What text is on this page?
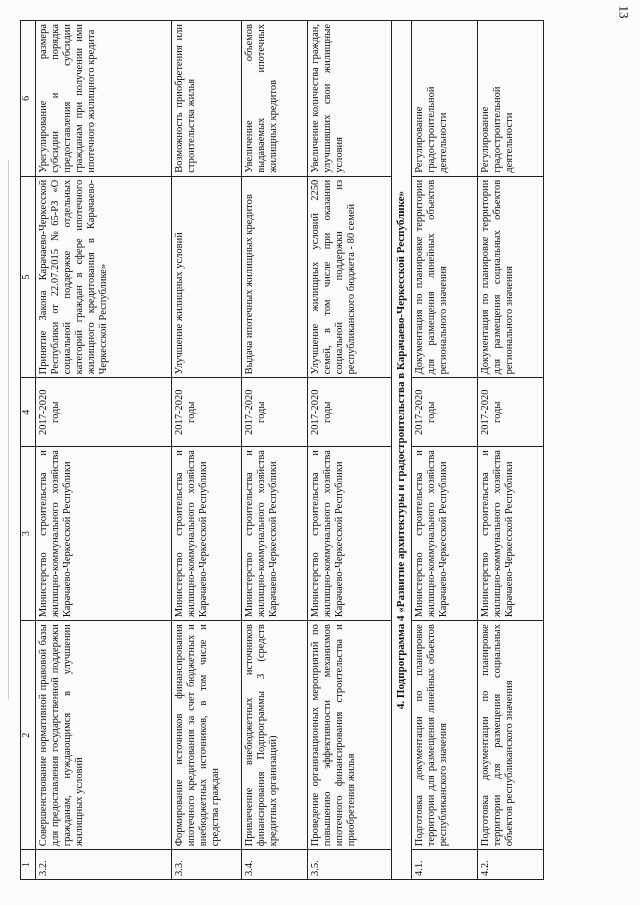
13
1	2	3	4	5	6
3.2.	Совершенствование нормативной правовой базы для предоставления государственной поддержки гражданам, нуждающимся в улучшении жилищных условий	Министерство строительства и жилищно-коммунального хозяйства Карачаево-Черкесской Республики	2017-2020 годы	Принятие Закона Карачаево-Черкесской Республики от 22.07.2015 №65-РЗ «О социальной поддержке отдельных категорий граждан в сфере ипотечного жилищного кредитования в Карачаево-Черкесской Республике»	Урегулирование размера субсидии и порядка предоставления субсидии гражданам при получении ими ипотечного жилищного кредита
3.3.	Формирование источников финансирования ипотечного кредитования за счет бюджетных и внебюджетных источников, в том числе и средства граждан	Министерство строительства и жилищно-коммунального хозяйства Карачаево-Черкесской Республики	2017-2020 годы	Улучшение жилищных условий	Возможность приобретения или строительства жилья
3.4.	Привлечение внебюджетных источников финансирования Подпрограммы 3 (средств кредитных организаций)	Министерство строительства и жилищно-коммунального хозяйства Карачаево-Черкесской Республики	2017-2020 годы	Выдача ипотечных жилищных кредитов	Увеличение объемов выдаваемых ипотечных жилищных кредитов
3.5.	Проведение организационных мероприятий по повышению эффективности механизмов ипотечного финансирования строительства и приобретения жилья	Министерство строительства и жилищно-коммунального хозяйства Карачаево-Черкесской Республики	2017-2020 годы	Улучшение жилищных условий 2250 семей, в том числе при оказании социальной поддержки из республиканского бюджета - 80 семей	Увеличение количества граждан, улучшивших свои жилищные условия
4. Подпрограмма 4 «Развитие архитектуры и градостроительства в Карачаево-Черкесской Республике»					
4.1.	Подготовка документации по планировке территории для размещения линейных объектов республиканского значения	Министерство строительства и жилищно-коммунального хозяйства Карачаево-Черкесской Республики	2017-2020 годы	Документация по планировке территории для размещения линейных объектов регионального значения	Регулирование градостроительной деятельности
4.2.	Подготовка документации по планировке территории для размещения социальных объектов республиканского значения	Министерство строительства и жилищно-коммунального хозяйства Карачаево-Черкесской Республики	2017-2020 годы	Документация по планировке территории для размещения социальных объектов регионального значения	Регулирование градостроительной деятельности
